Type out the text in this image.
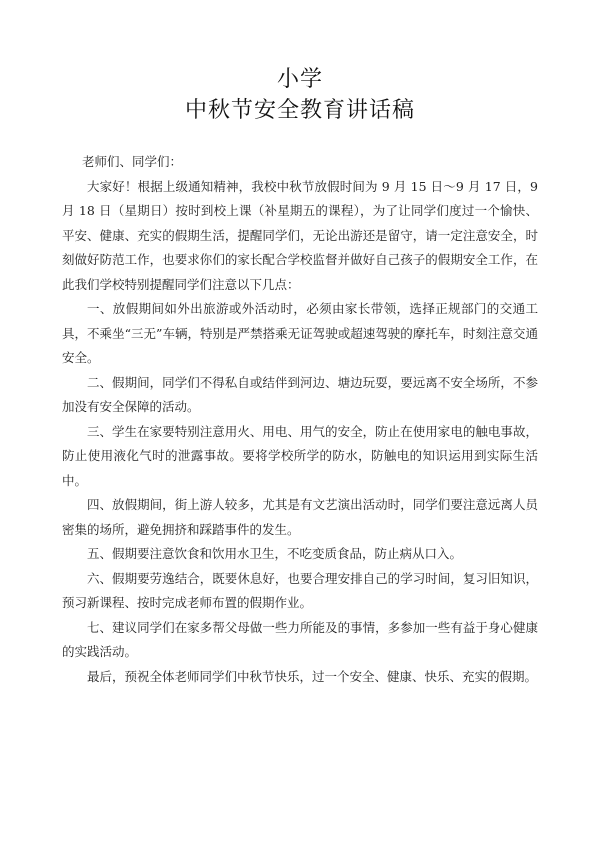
小学
中秋节安全教育讲话稿

老师们、同学们：

大家好！根据上级通知精神，我校中秋节放假时间为 9 月 15 日～9 月 17 日，9 月 18 日（星期日）按时到校上课（补星期五的课程），为了让同学们度过一个愉快、平安、健康、充实的假期生活，提醒同学们，无论出游还是留守，请一定注意安全，时刻做好防范工作，也要求你们的家长配合学校监督并做好自己孩子的假期安全工作，在此我们学校特别提醒同学们注意以下几点：

一、放假期间如外出旅游或外活动时，必须由家长带领，选择正规部门的交通工具，不乘坐“三无”车辆，特别是严禁搭乘无证驾驶或超速驾驶的摩托车，时刻注意交通安全。

二、假期间，同学们不得私自或结伴到河边、塘边玩耍，要远离不安全场所，不参加没有安全保障的活动。

三、学生在家要特别注意用火、用电、用气的安全，防止在使用家电的触电事故，防止使用液化气时的泄露事故。要将学校所学的防水，防触电的知识运用到实际生活中。

四、放假期间，街上游人较多，尤其是有文艺演出活动时，同学们要注意远离人员密集的场所，避免拥挤和踩踏事件的发生。

五、假期要注意饮食和饮用水卫生，不吃变质食品，防止病从口入。

六、假期要劳逸结合，既要休息好，也要合理安排自己的学习时间，复习旧知识，预习新课程、按时完成老师布置的假期作业。

七、建议同学们在家多帮父母做一些力所能及的事情，多参加一些有益于身心健康的实践活动。

最后，预祝全体老师同学们中秋节快乐，过一个安全、健康、快乐、充实的假期。
